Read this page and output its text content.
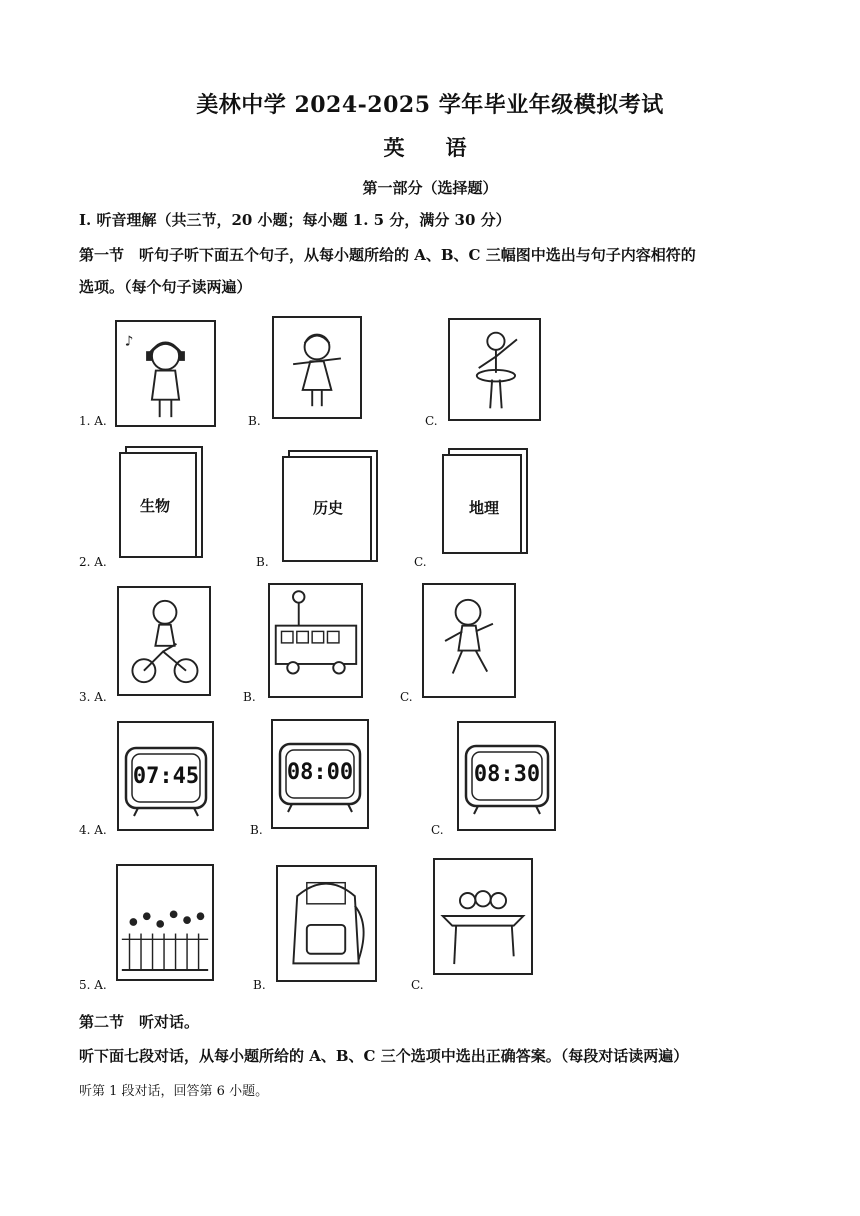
美林中学 2024-2025 学年毕业年级模拟考试
英　语
第一部分（选择题）
I. 听音理解（共三节，20 小题；每小题 1. 5 分，满分 30 分）
第一节　听句子听下面五个句子，从每小题所给的 A、B、C 三幅图中选出与句子内容相符的
选项。（每个句子读两遍）
1. A.
♪
B.	C.
2. A.
生物
B.
历史
C.
地理
3. A.	B.	C.
4. A.
07:45
B.
08:00
C.
08:30
5. A.	B.	C.
第二节　听对话。
听下面七段对话，从每小题所给的 A、B、C 三个选项中选出正确答案。（每段对话读两遍）
听第 1 段对话，回答第 6 小题。
